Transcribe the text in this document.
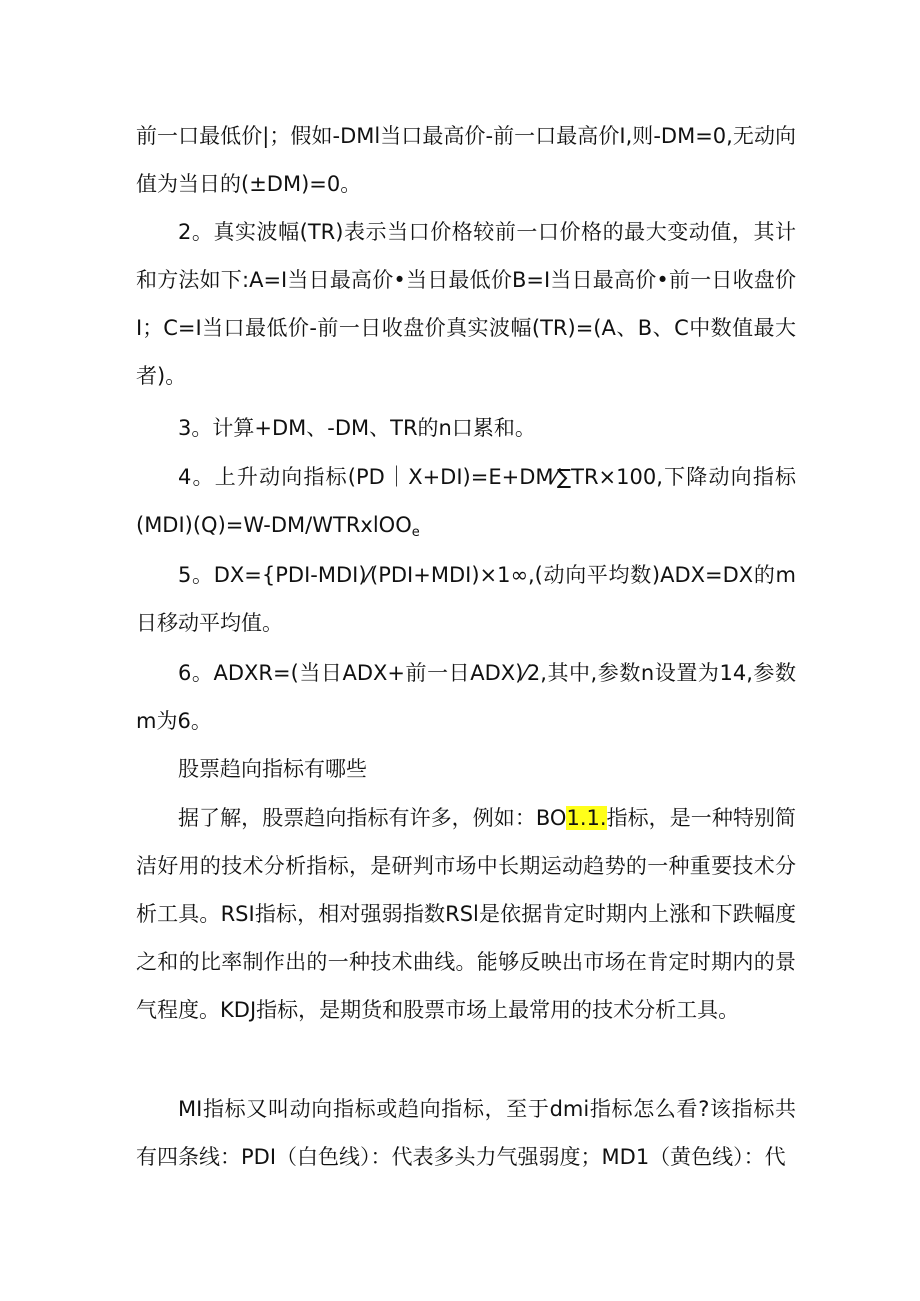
前一口最低价|；假如-DMl当口最高价-前一口最高价I,则-DM=0,无动向值为当日的(±DM)=0。

2。真实波幅(TR)表示当口价格较前一口价格的最大变动值，其计和方法如下:A=I当日最高价•当日最低价B=I当日最高价•前一日收盘价I；C=I当口最低价-前一日收盘价真实波幅(TR)=(A、B、C中数值最大者)。

3。计算+DM、-DM、TR的n口累和。

4。上升动向指标(PD｜X+DI)=E+DM⁄∑TR×100,下降动向指标(MDI)(Q)=W-DM/WTRxlOO$_e$

5。DX={PDI-MDI)⁄(PDI+MDI)×1∞,(动向平均数)ADX=DX的m日移动平均值。

6。ADXR=(当日ADX+前一日ADX)⁄2,其中,参数n设置为14,参数m为6。

股票趋向指标有哪些

据了解，股票趋向指标有许多，例如：BO1.1.指标，是一种特别简洁好用的技术分析指标，是研判市场中长期运动趋势的一种重要技术分析工具。RSI指标，相对强弱指数RSl是依据肯定时期内上涨和下跌幅度之和的比率制作出的一种技术曲线。能够反映出市场在肯定时期内的景气程度。KDJ指标，是期货和股票市场上最常用的技术分析工具。

MI指标又叫动向指标或趋向指标，至于dmi指标怎么看?该指标共有四条线：PDI（白色线）：代表多头力气强弱度；MD1（黄色线）：代
